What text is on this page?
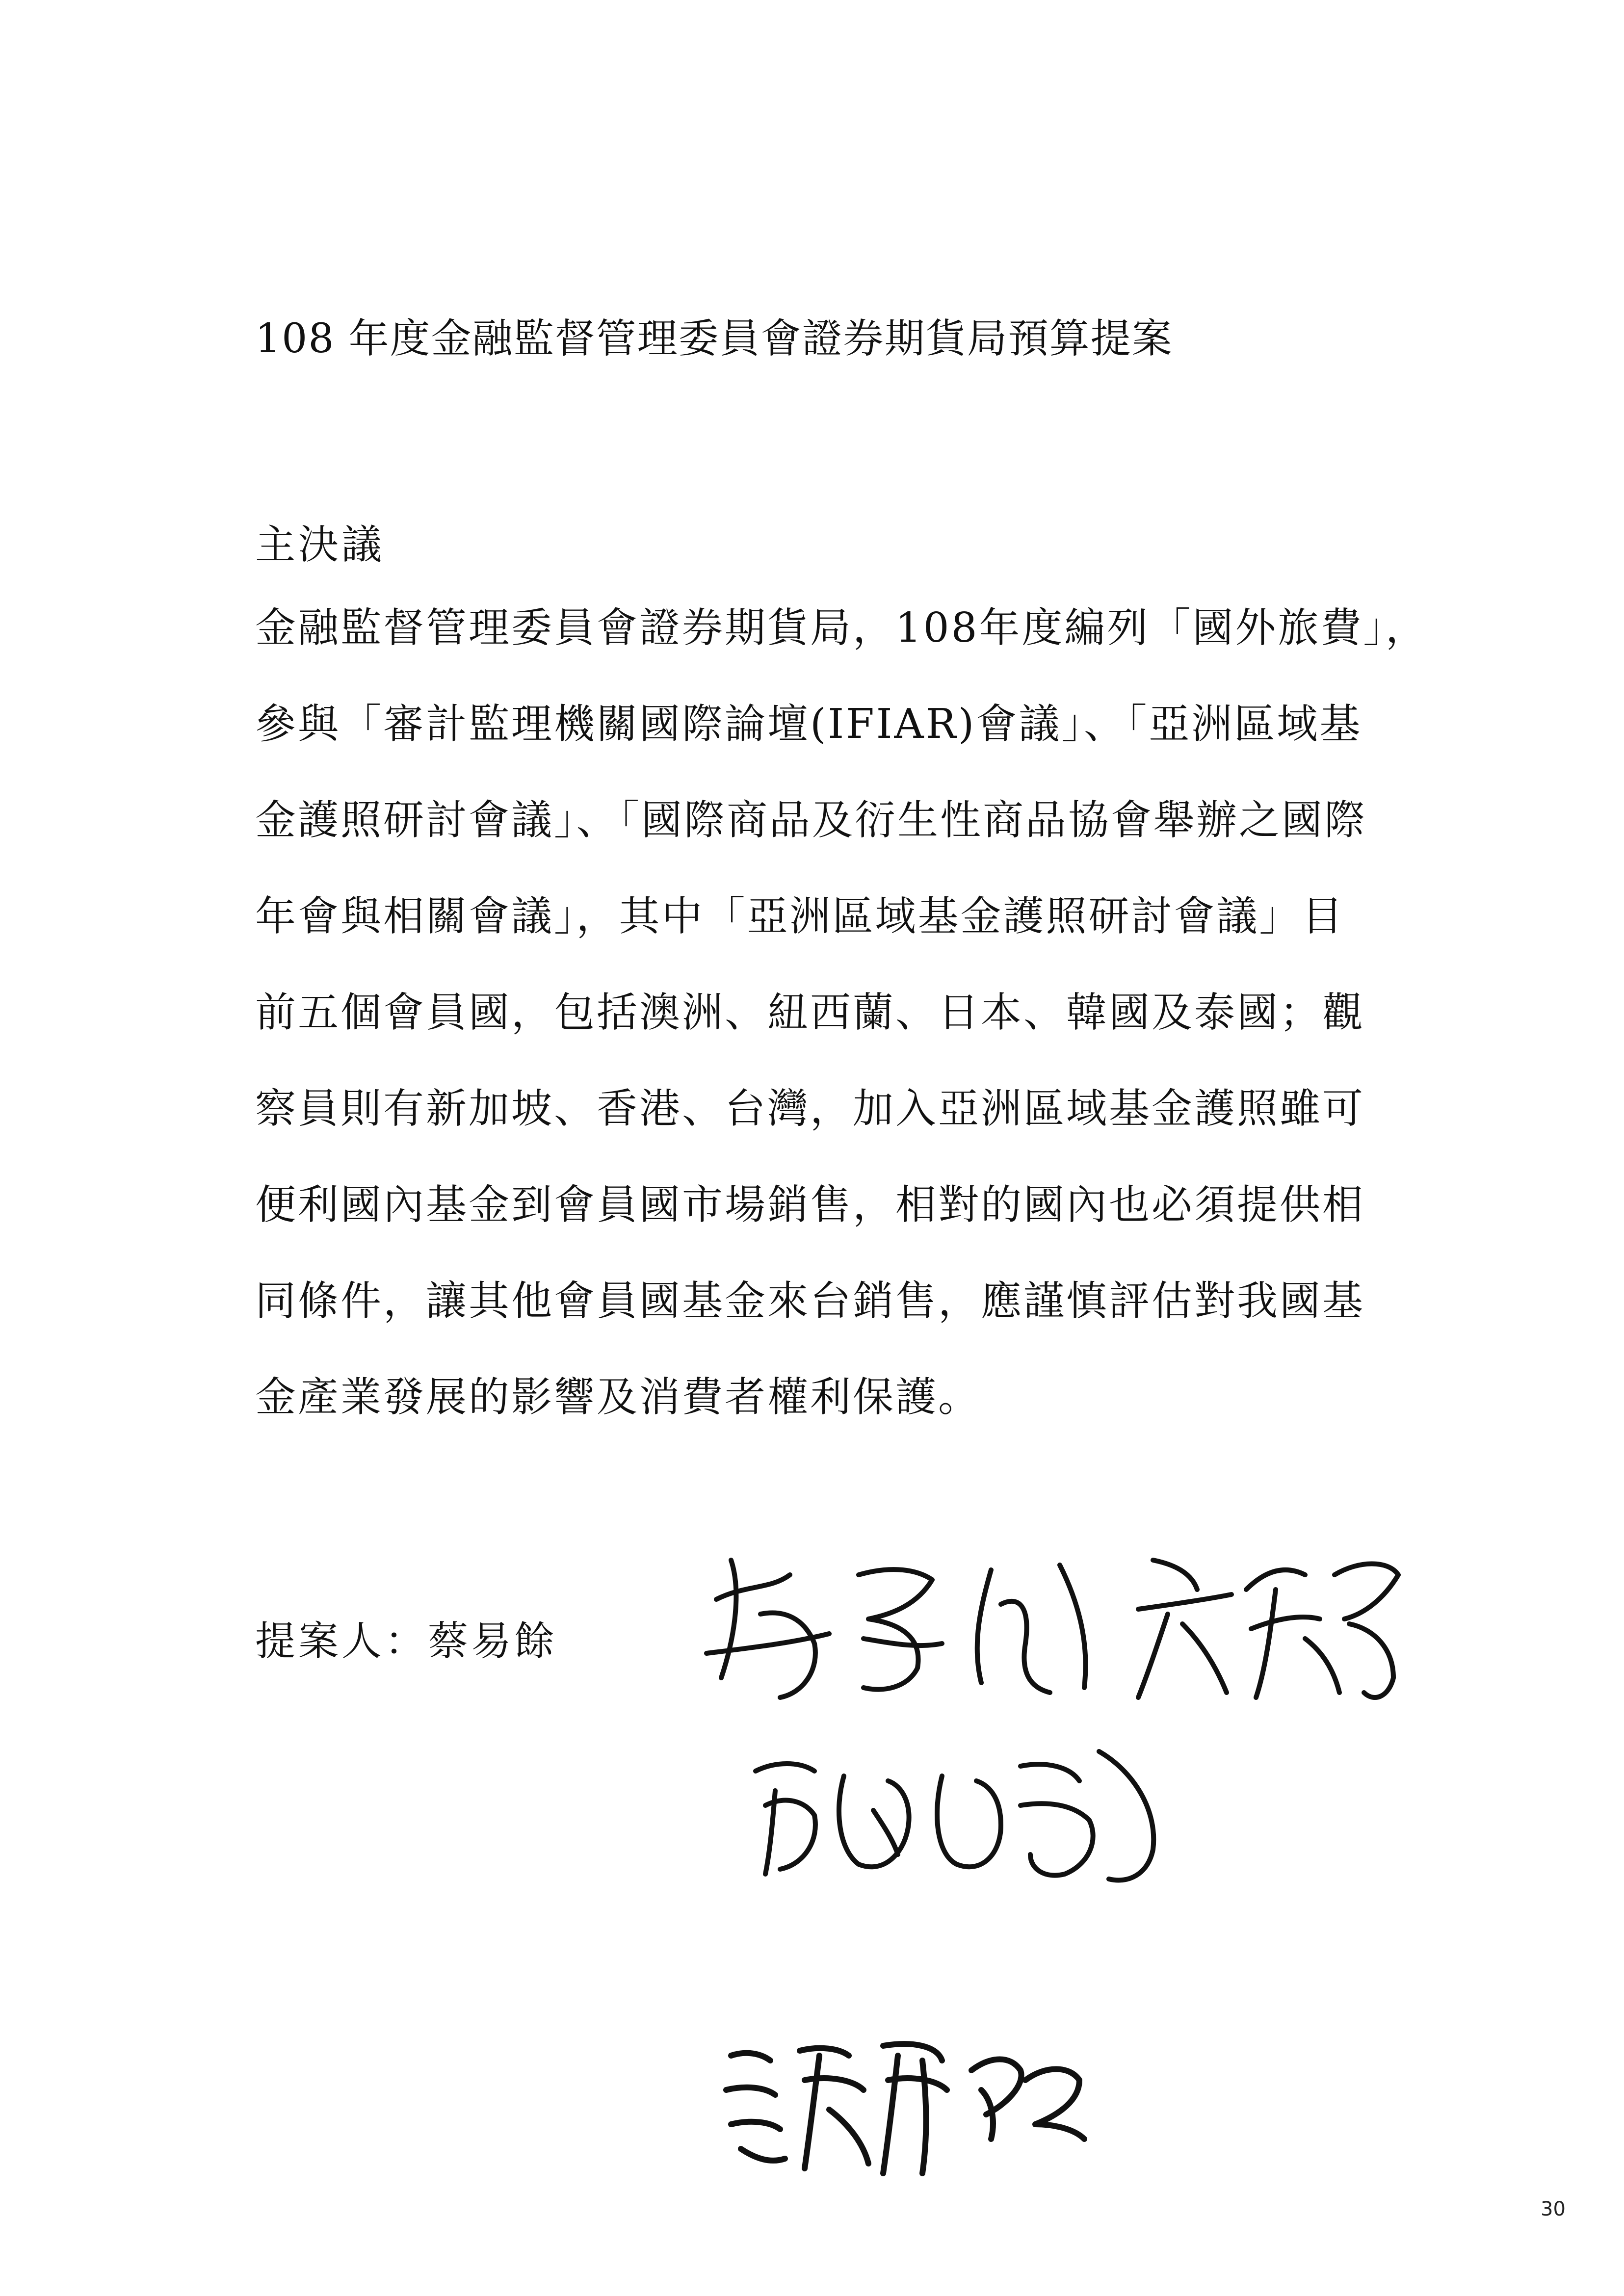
108 年度金融監督管理委員會證券期貨局預算提案
主決議
金融監督管理委員會證券期貨局，108年度編列「國外旅費」，
參與「審計監理機關國際論壇(IFIAR)會議」、「亞洲區域基
金護照研討會議」、「國際商品及衍生性商品協會舉辦之國際
年會與相關會議」，其中「亞洲區域基金護照研討會議」目
前五個會員國，包括澳洲、紐西蘭、日本、韓國及泰國；觀
察員則有新加坡、香港、台灣，加入亞洲區域基金護照雖可
便利國內基金到會員國市場銷售，相對的國內也必須提供相
同條件，讓其他會員國基金來台銷售，應謹慎評估對我國基
金產業發展的影響及消費者權利保護。
提案人：蔡易餘
30
